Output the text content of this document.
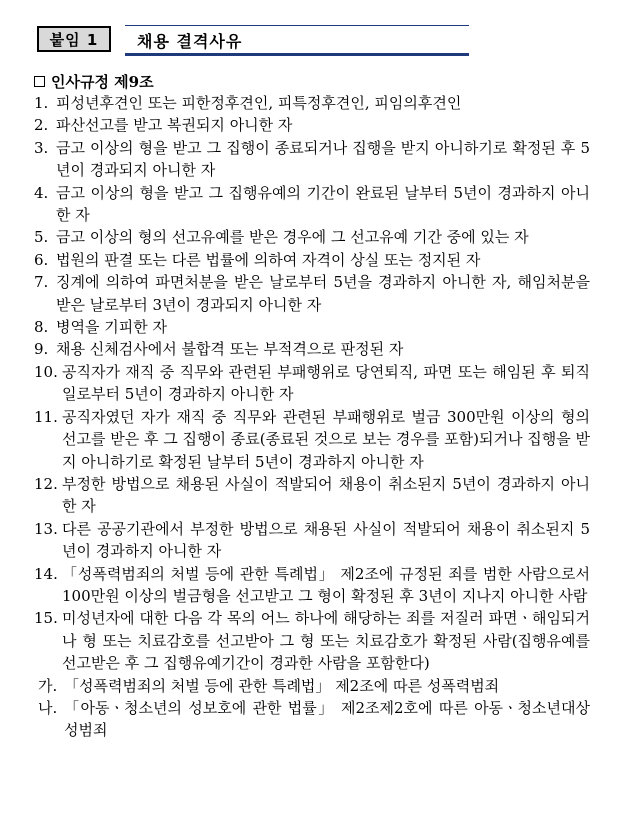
붙임 1	채용 결격사유
인사규정 제9조
1. 피성년후견인 또는 피한정후견인, 피특정후견인, 피임의후견인
2. 파산선고를 받고 복권되지 아니한 자
3. 금고 이상의 형을 받고 그 집행이 종료되거나 집행을 받지 아니하기로 확정된 후 5년이 경과되지 아니한 자
4. 금고 이상의 형을 받고 그 집행유예의 기간이 완료된 날부터 5년이 경과하지 아니한 자
5. 금고 이상의 형의 선고유예를 받은 경우에 그 선고유예 기간 중에 있는 자
6. 법원의 판결 또는 다른 법률에 의하여 자격이 상실 또는 정지된 자
7. 징계에 의하여 파면처분을 받은 날로부터 5년을 경과하지 아니한 자, 해임처분을 받은 날로부터 3년이 경과되지 아니한 자
8. 병역을 기피한 자
9. 채용 신체검사에서 불합격 또는 부적격으로 판정된 자
10. 공직자가 재직 중 직무와 관련된 부패행위로 당연퇴직, 파면 또는 해임된 후 퇴직일로부터 5년이 경과하지 아니한 자
11. 공직자였던 자가 재직 중 직무와 관련된 부패행위로 벌금 300만원 이상의 형의 선고를 받은 후 그 집행이 종료(종료된 것으로 보는 경우를 포함)되거나 집행을 받지 아니하기로 확정된 날부터 5년이 경과하지 아니한 자
12. 부정한 방법으로 채용된 사실이 적발되어 채용이 취소된지 5년이 경과하지 아니한 자
13. 다른 공공기관에서 부정한 방법으로 채용된 사실이 적발되어 채용이 취소된지 5년이 경과하지 아니한 자
14. 「성폭력범죄의 처벌 등에 관한 특례법」 제2조에 규정된 죄를 범한 사람으로서 100만원 이상의 벌금형을 선고받고 그 형이 확정된 후 3년이 지나지 아니한 사람
15. 미성년자에 대한 다음 각 목의 어느 하나에 해당하는 죄를 저질러 파면ㆍ해임되거나 형 또는 치료감호를 선고받아 그 형 또는 치료감호가 확정된 사람(집행유예를 선고받은 후 그 집행유예기간이 경과한 사람을 포함한다)
가. 「성폭력범죄의 처벌 등에 관한 특례법」 제2조에 따른 성폭력범죄
나. 「아동ㆍ청소년의 성보호에 관한 법률」 제2조제2호에 따른 아동ㆍ청소년대상 성범죄
